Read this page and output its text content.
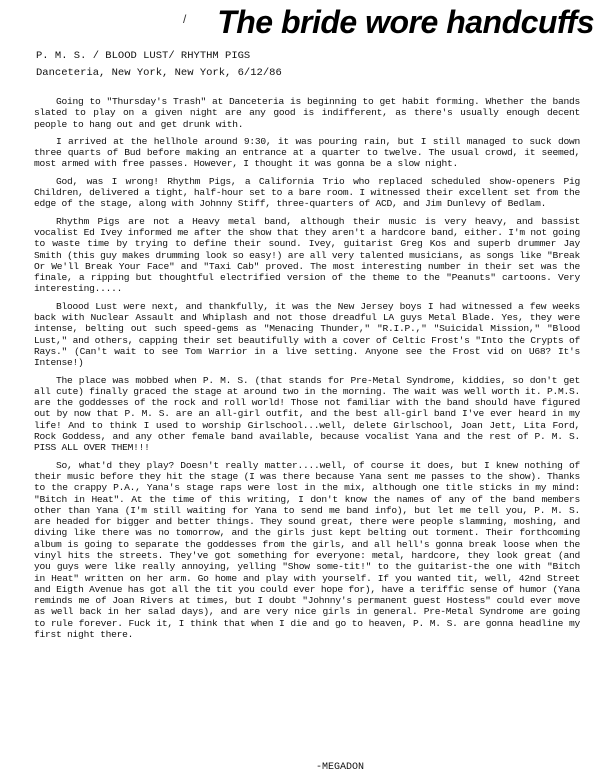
/ The bride wore handcuffs
P. M. S. / BLOOD LUST/ RHYTHM PIGS
Danceteria, New York, New York, 6/12/86

Going to "Thursday's Trash" at Danceteria is beginning to get habit forming. Whether the bands slated to play on a given night are any good is indifferent, as there's usually enough decent people to hang out and get drunk with.

I arrived at the hellhole around 9:30, it was pouring rain, but I still managed to suck down three quarts of Bud before making an entrance at a quarter to twelve. The usual crowd, it seemed, most armed with free passes. However, I thought it was gonna be a slow night.

God, was I wrong! Rhythm Pigs, a California Trio who replaced scheduled show-openers Pig Children, delivered a tight, half-hour set to a bare room. I witnessed their excellent set from the edge of the stage, along with Johnny Stiff, three-quarters of ACD, and Jim Dunlevy of Bedlam.

Rhythm Pigs are not a Heavy metal band, although their music is very heavy, and bassist vocalist Ed Ivey informed me after the show that they aren't a hardcore band, either. I'm not going to waste time by trying to define their sound. Ivey, guitarist Greg Kos and superb drummer Jay Smith (this guy makes drumming look so easy!) are all very talented musicians, as songs like "Break Or We'll Break Your Face" and "Taxi Cab" proved. The most interesting number in their set was the finale, a ripping but thoughtful electrified version of the theme to the "Peanuts" cartoons. Very interesting.....

Bloood Lust were next, and thankfully, it was the New Jersey boys I had witnessed a few weeks back with Nuclear Assault and Whiplash and not those dreadful LA guys Metal Blade. Yes, they were intense, belting out such speed-gems as "Menacing Thunder," "R.I.P.," "Suicidal Mission," "Blood Lust," and others, capping their set beautifully with a cover of Celtic Frost's "Into the Crypts of Rays." (Can't wait to see Tom Warrior in a live setting. Anyone see the Frost vid on U68? It's Intense!)

The place was mobbed when P. M. S. (that stands for Pre-Metal Syndrome, kiddies, so don't get all cute) finally graced the stage at around two in the morning. The wait was well worth it. P.M.S. are the goddesses of the rock and roll world! Those not familiar with the band should have figured out by now that P. M. S. are an all-girl outfit, and the best all-girl band I've ever heard in my life! And to think I used to worship Girlschool...well, delete Girlschool, Joan Jett, Lita Ford, Rock Goddess, and any other female band available, because vocalist Yana and the rest of P. M. S. PISS ALL OVER THEM!!!

So, what'd they play? Doesn't really matter....well, of course it does, but I knew nothing of their music before they hit the stage (I was there because Yana sent me passes to the show). Thanks to the crappy P.A., Yana's stage raps were lost in the mix, although one title sticks in my mind: "Bitch in Heat". At the time of this writing, I don't know the names of any of the band members other than Yana (I'm still waiting for Yana to send me band info), but let me tell you, P. M. S. are headed for bigger and better things. They sound great, there were people slamming, moshing, and diving like there was no tomorrow, and the girls just kept belting out torment. Their forthcoming album is going to separate the goddesses from the girls, and all hell's gonna break loose when the vinyl hits the streets. They've got something for everyone: metal, hardcore, they look great (and you guys were like really annoying, yelling "Show some-tit!" to the guitarist-the one with "Bitch in Heat" written on her arm. Go home and play with yourself. If you wanted tit, well, 42nd Street and Eigth Avenue has got all the tit you could ever hope for), have a teriffic sense of humor (Yana reminds me of Joan Rivers at times, but I doubt "Johnny's permanent guest Hostess" could ever move as well back in her salad days), and are very nice girls in general. Pre-Metal Syndrome are going to rule forever. Fuck it, I think that when I die and go to heaven, P. M. S. are gonna headline my first night there.

-MEGADON
